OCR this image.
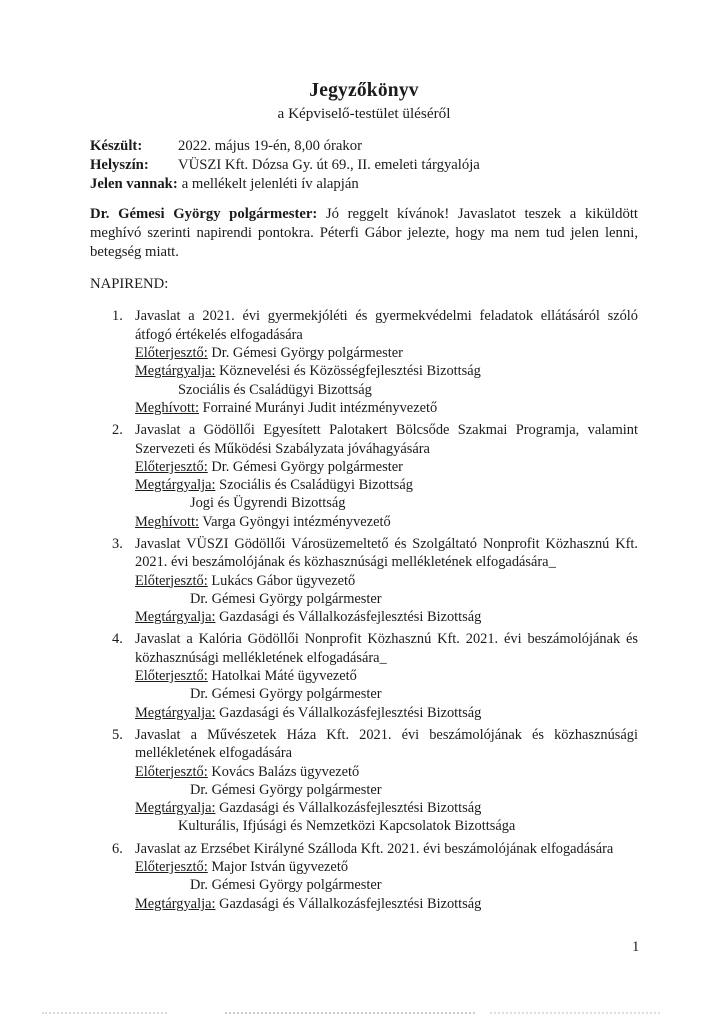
Jegyzőkönyv
a Képviselő-testület üléséről
Készült: 2022. május 19-én, 8,00 órakor
Helyszín: VÜSZI Kft. Dózsa Gy. út 69., II. emeleti tárgyalója
Jelen vannak: a mellékelt jelenléti ív alapján

Dr. Gémesi György polgármester: Jó reggelt kívánok! Javaslatot teszek a kiküldött meghívó szerinti napirendi pontokra. Péterfi Gábor jelezte, hogy ma nem tud jelen lenni, betegség miatt.

NAPIREND:
1. Javaslat a 2021. évi gyermekjóléti és gyermekvédelmi feladatok ellátásáról szóló átfogó értékelés elfogadására
Előterjesztő: Dr. Gémesi György polgármester
Megtárgyalja: Köznevelési és Közösségfejlesztési Bizottság
Szociális és Családügyi Bizottság
Meghívott: Forrainé Murányi Judit intézményvezető
2. Javaslat a Gödöllői Egyesített Palotakert Bölcsőde Szakmai Programja, valamint Szervezeti és Működési Szabályzata jóváhagyására
Előterjesztő: Dr. Gémesi György polgármester
Megtárgyalja: Szociális és Családügyi Bizottság
Jogi és Ügyrendi Bizottság
Meghívott: Varga Gyöngyi intézményvezető
3. Javaslat VÜSZI Gödöllői Városüzemeltető és Szolgáltató Nonprofit Közhasznú Kft. 2021. évi beszámolójának és közhasznúsági mellékletének elfogadására_
Előterjesztő: Lukács Gábor ügyvezető
Dr. Gémesi György polgármester
Megtárgyalja: Gazdasági és Vállalkozásfejlesztési Bizottság
4. Javaslat a Kalória Gödöllői Nonprofit Közhasznú Kft. 2021. évi beszámolójának és közhasznúsági mellékletének elfogadására_
Előterjesztő: Hatolkai Máté ügyvezető
Dr. Gémesi György polgármester
Megtárgyalja: Gazdasági és Vállalkozásfejlesztési Bizottság
5. Javaslat a Művészetek Háza Kft. 2021. évi beszámolójának és közhasznúsági mellékletének elfogadására
Előterjesztő: Kovács Balázs ügyvezető
Dr. Gémesi György polgármester
Megtárgyalja: Gazdasági és Vállalkozásfejlesztési Bizottság
Kulturális, Ifjúsági és Nemzetközi Kapcsolatok Bizottsága
6. Javaslat az Erzsébet Királyné Szálloda Kft. 2021. évi beszámolójának elfogadására
Előterjesztő: Major István ügyvezető
Dr. Gémesi György polgármester
Megtárgyalja: Gazdasági és Vállalkozásfejlesztési Bizottság
1
